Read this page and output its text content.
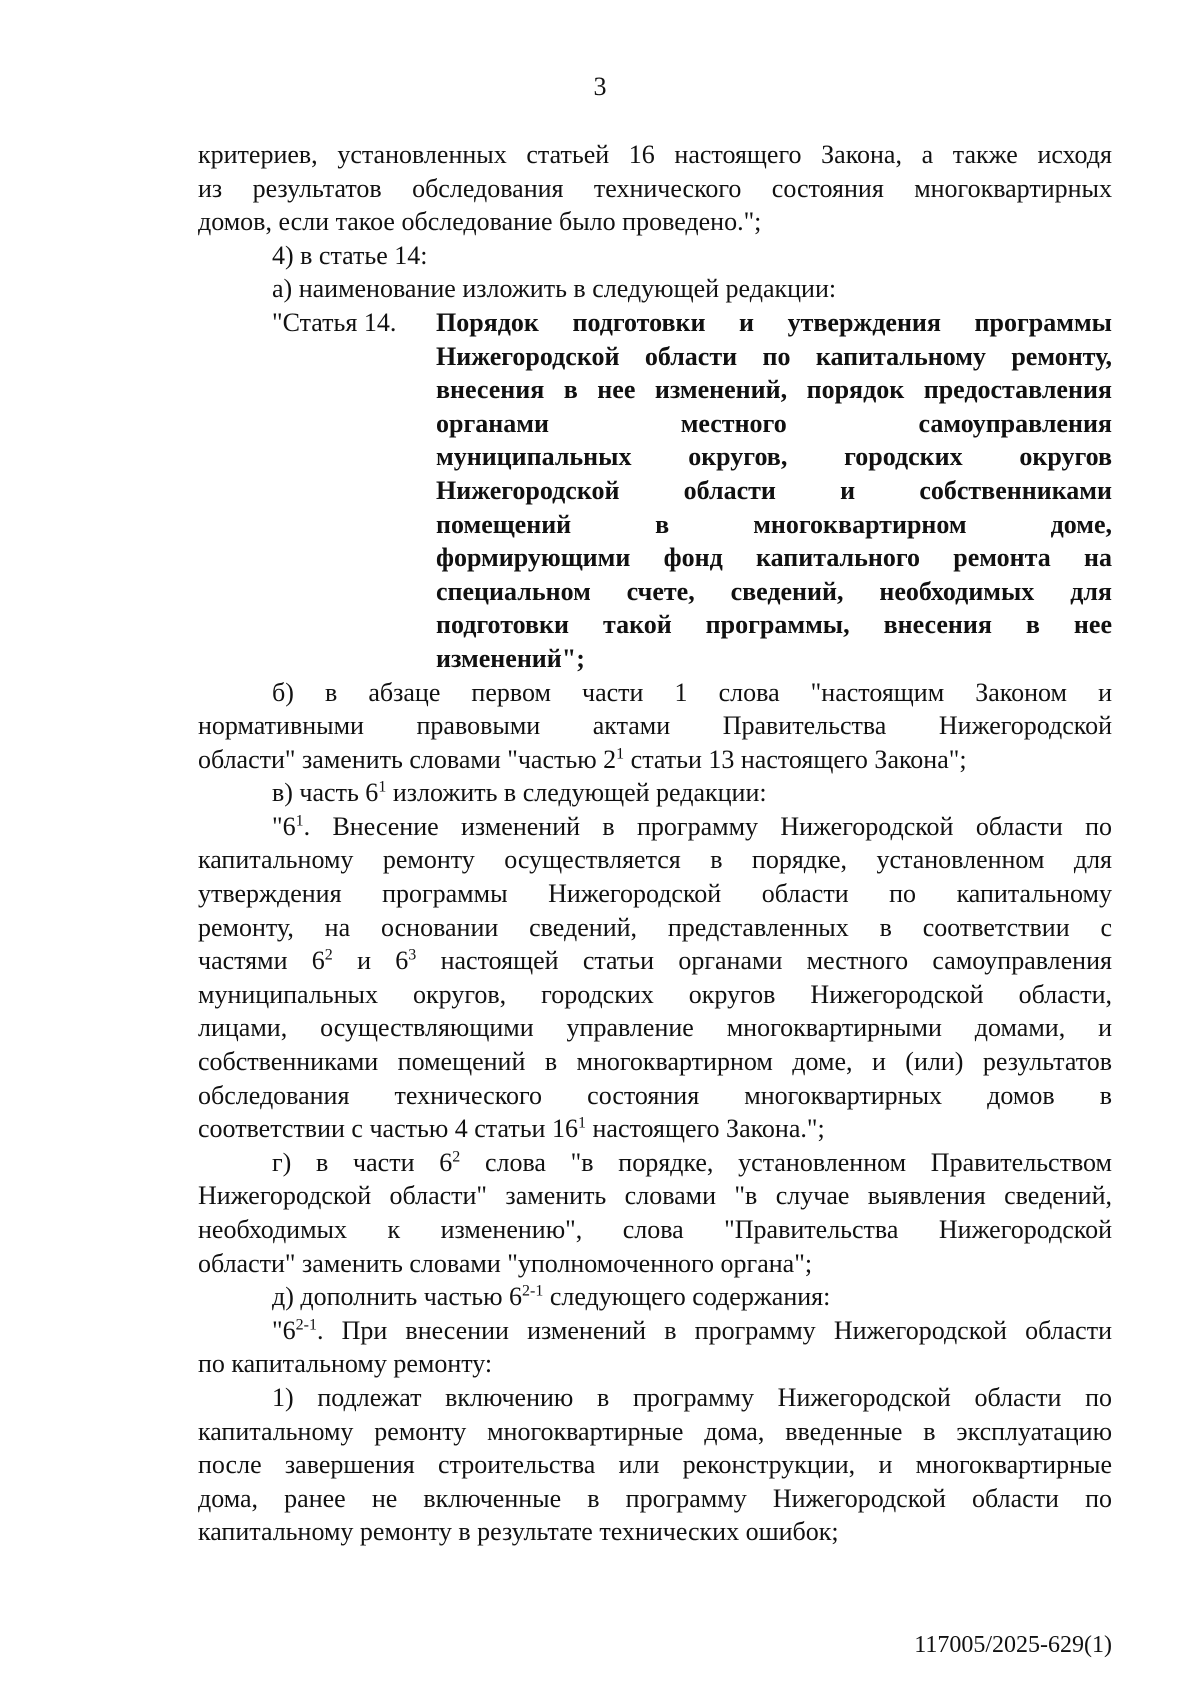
3
критериев, установленных статьей 16 настоящего Закона, а также исходя
из результатов обследования технического состояния многоквартирных
домов, если такое обследование было проведено.";
4) в статье 14:
а) наименование изложить в следующей редакции:
"Статья 14.	Порядок подготовки и утверждения программы
Нижегородской области по капитальному ремонту,
внесения в нее изменений, порядок предоставления
органами местного самоуправления
муниципальных округов, городских округов
Нижегородской области и собственниками
помещений в многоквартирном доме,
формирующими фонд капитального ремонта на
специальном счете, сведений, необходимых для
подготовки такой программы, внесения в нее
изменений";
б) в абзаце первом части 1 слова "настоящим Законом и
нормативными правовыми актами Правительства Нижегородской
области" заменить словами "частью $2^1$ статьи 13 настоящего Закона";
в) часть $6^1$ изложить в следующей редакции:
"$6^1$. Внесение изменений в программу Нижегородской области по
капитальному ремонту осуществляется в порядке, установленном для
утверждения программы Нижегородской области по капитальному
ремонту, на основании сведений, представленных в соответствии с
частями $6^2$ и $6^3$ настоящей статьи органами местного самоуправления
муниципальных округов, городских округов Нижегородской области,
лицами, осуществляющими управление многоквартирными домами, и
собственниками помещений в многоквартирном доме, и (или) результатов
обследования технического состояния многоквартирных домов в
соответствии с частью 4 статьи $16^1$ настоящего Закона.";
г) в части $6^2$ слова "в порядке, установленном Правительством
Нижегородской области" заменить словами "в случае выявления сведений,
необходимых к изменению", слова "Правительства Нижегородской
области" заменить словами "уполномоченного органа";
д) дополнить частью 6$^{2-1}$ следующего содержания:
"6$^{2-1}$. При внесении изменений в программу Нижегородской области
по капитальному ремонту:
1) подлежат включению в программу Нижегородской области по
капитальному ремонту многоквартирные дома, введенные в эксплуатацию
после завершения строительства или реконструкции, и многоквартирные
дома, ранее не включенные в программу Нижегородской области по
капитальному ремонту в результате технических ошибок;
117005/2025-629(1)
